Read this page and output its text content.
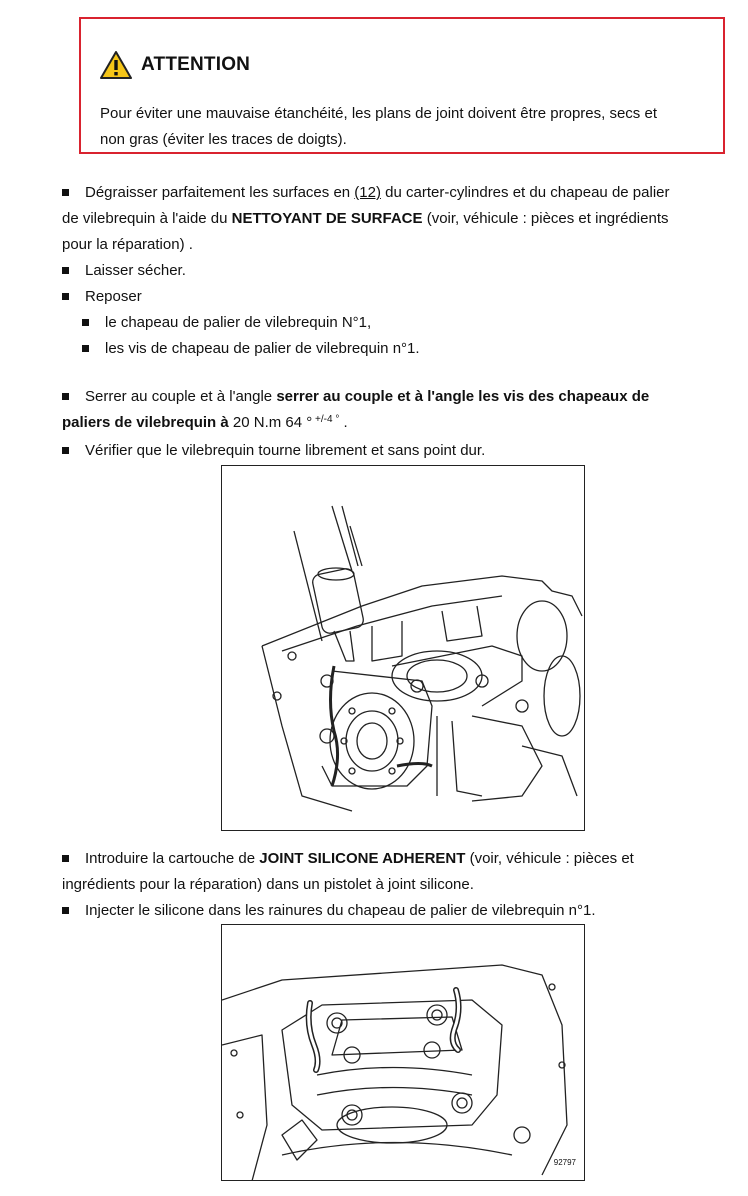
ATTENTION
Pour éviter une mauvaise étanchéité, les plans de joint doivent être propres, secs et
non gras (éviter les traces de doigts).
Dégraisser parfaitement les surfaces en (12) du carter-cylindres et du chapeau de palier
de vilebrequin à l'aide du NETTOYANT DE SURFACE (voir, véhicule : pièces et ingrédients
pour la réparation) .
Laisser sécher.
Reposer
le chapeau de palier de vilebrequin N°1,
les vis de chapeau de palier de vilebrequin n°1.
Serrer au couple et à l'angle serrer au couple et à l'angle les vis des chapeaux de
paliers de vilebrequin à 20 N.m 64 ° $^{+/-4 ^\circ}$ .
Vérifier que le vilebrequin tourne librement et sans point dur.
Introduire la cartouche de JOINT SILICONE ADHERENT (voir, véhicule : pièces et
ingrédients pour la réparation) dans un pistolet à joint silicone.
Injecter le silicone dans les rainures du chapeau de palier de vilebrequin n°1.
92797
